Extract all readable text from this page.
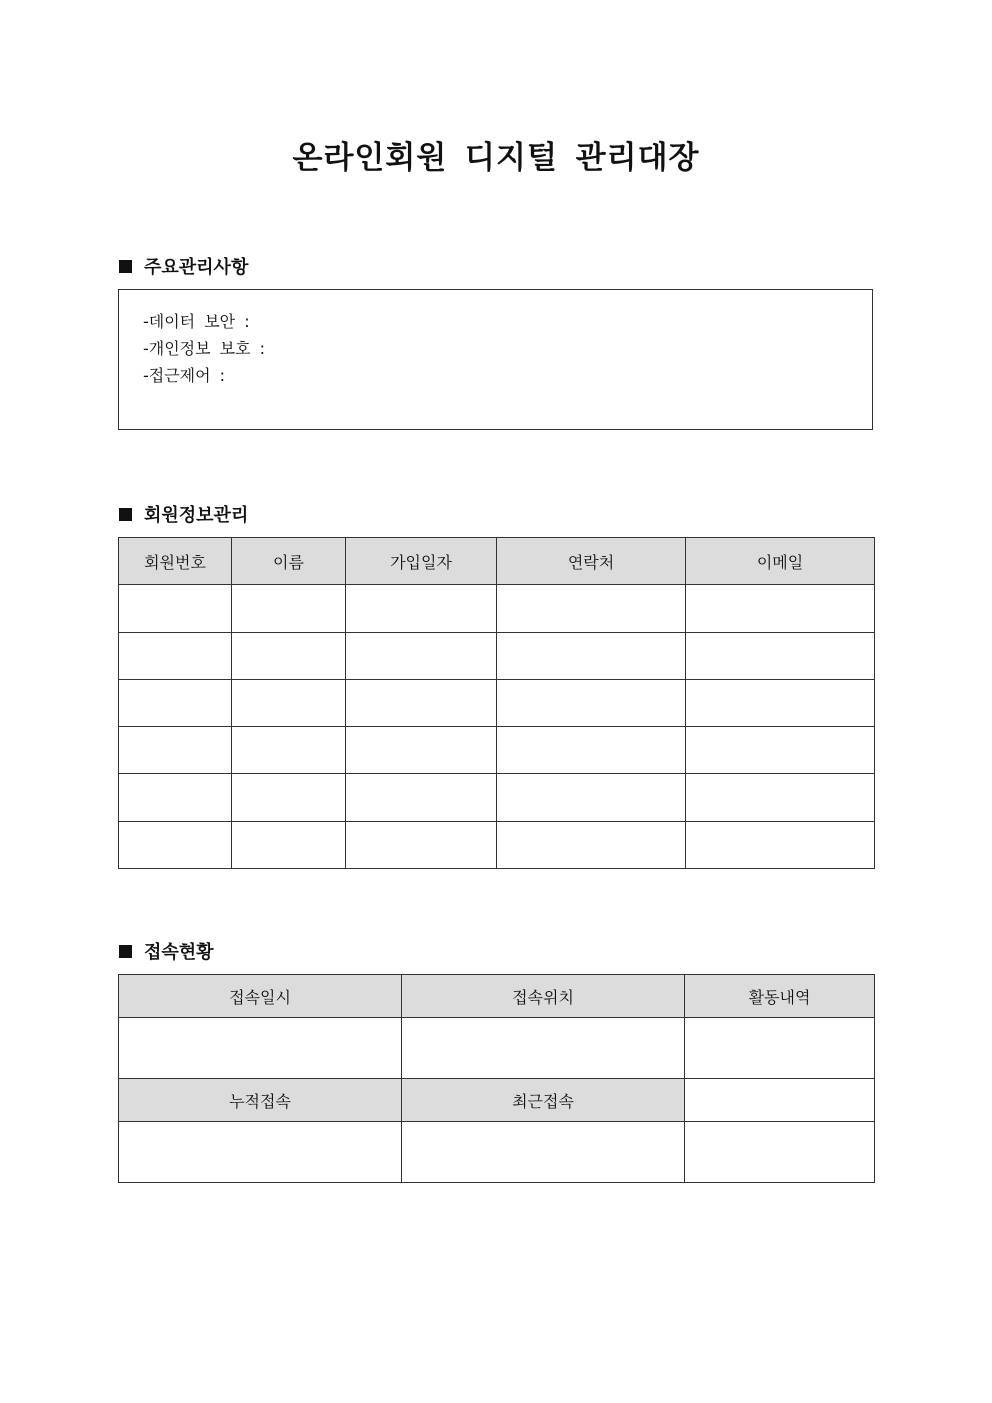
온라인회원 디지털 관리대장
주요관리사항
-데이터 보안 :
-개인정보 보호 :
-접근제어 :
회원정보관리
회원번호	이름	가입일자	연락처	이메일

접속현황
접속일시	접속위치	활동내역

누적접속	최근접속	
